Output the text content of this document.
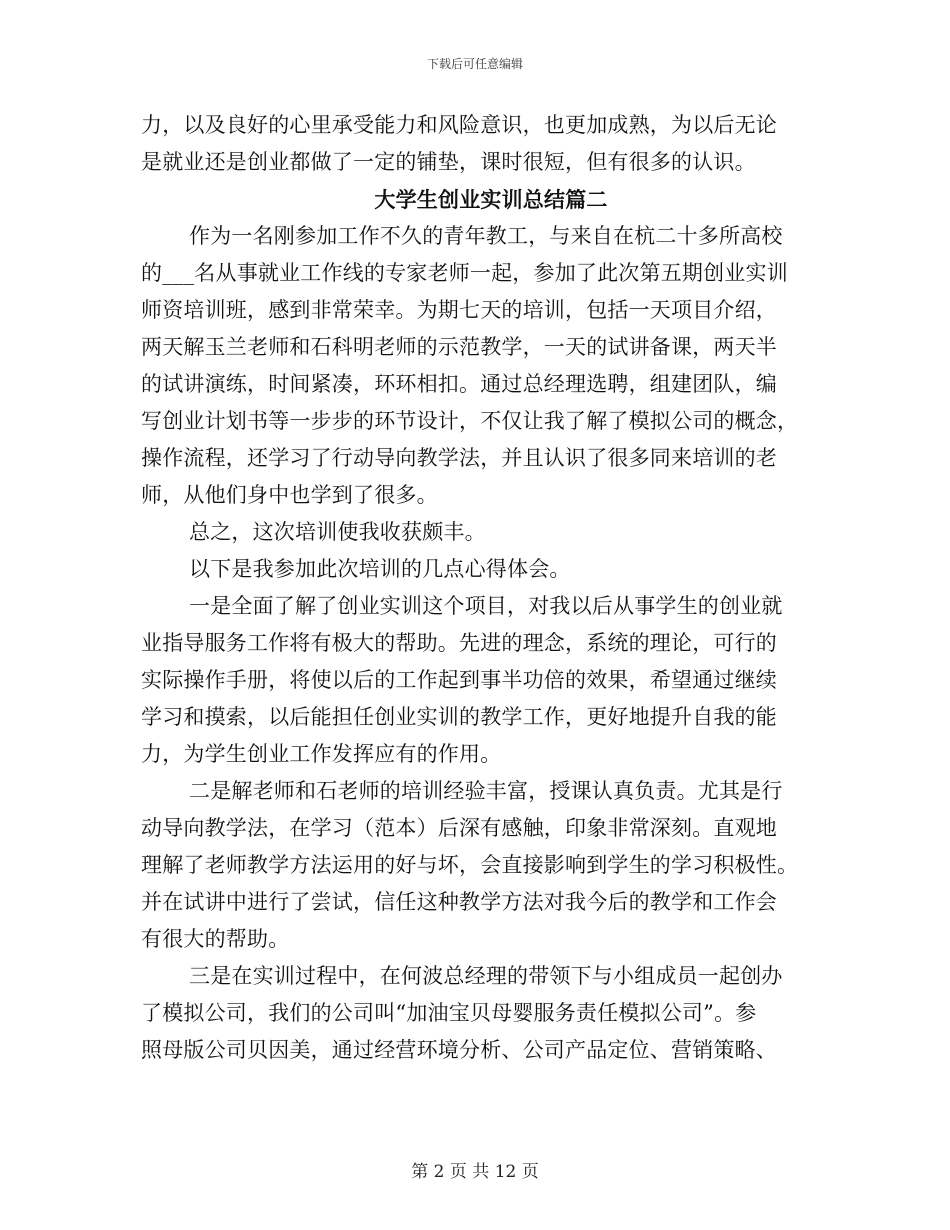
下载后可任意编辑
力，以及良好的心里承受能力和风险意识，也更加成熟，为以后无论
是就业还是创业都做了一定的铺垫，课时很短，但有很多的认识。
大学生创业实训总结篇二
作为一名刚参加工作不久的青年教工，与来自在杭二十多所高校
的___名从事就业工作线的专家老师一起，参加了此次第五期创业实训
师资培训班，感到非常荣幸。为期七天的培训，包括一天项目介绍，
两天解玉兰老师和石科明老师的示范教学，一天的试讲备课，两天半
的试讲演练，时间紧凑，环环相扣。通过总经理选聘，组建团队，编
写创业计划书等一步步的环节设计，不仅让我了解了模拟公司的概念，
操作流程，还学习了行动导向教学法，并且认识了很多同来培训的老
师，从他们身中也学到了很多。
总之，这次培训使我收获颇丰。
以下是我参加此次培训的几点心得体会。
一是全面了解了创业实训这个项目，对我以后从事学生的创业就
业指导服务工作将有极大的帮助。先进的理念，系统的理论，可行的
实际操作手册，将使以后的工作起到事半功倍的效果，希望通过继续
学习和摸索，以后能担任创业实训的教学工作，更好地提升自我的能
力，为学生创业工作发挥应有的作用。
二是解老师和石老师的培训经验丰富，授课认真负责。尤其是行
动导向教学法，在学习（范本）后深有感触，印象非常深刻。直观地
理解了老师教学方法运用的好与坏，会直接影响到学生的学习积极性。
并在试讲中进行了尝试，信任这种教学方法对我今后的教学和工作会
有很大的帮助。
三是在实训过程中，在何波总经理的带领下与小组成员一起创办
了模拟公司，我们的公司叫“加油宝贝母婴服务责任模拟公司”。参
照母版公司贝因美，通过经营环境分析、公司产品定位、营销策略、
第 2 页 共 12 页
